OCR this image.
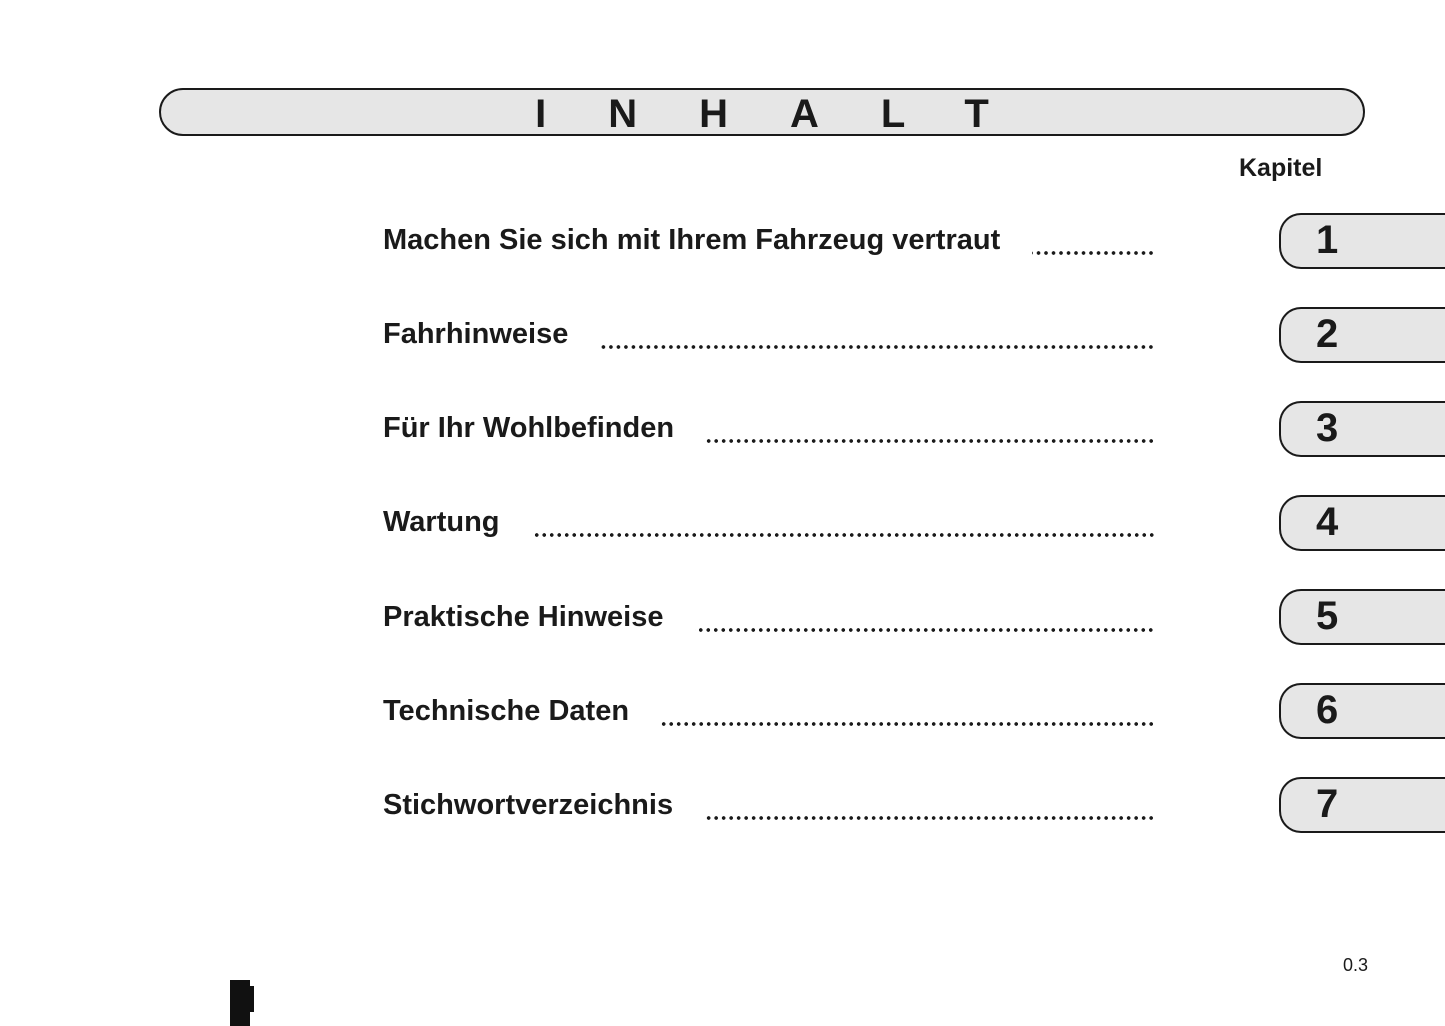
INHALT
Kapitel
Machen Sie sich mit Ihrem Fahrzeug vertraut	1
Fahrhinweise	2
Für Ihr Wohlbefinden	3
Wartung	4
Praktische Hinweise	5
Technische Daten	6
Stichwortverzeichnis	7
0.3
